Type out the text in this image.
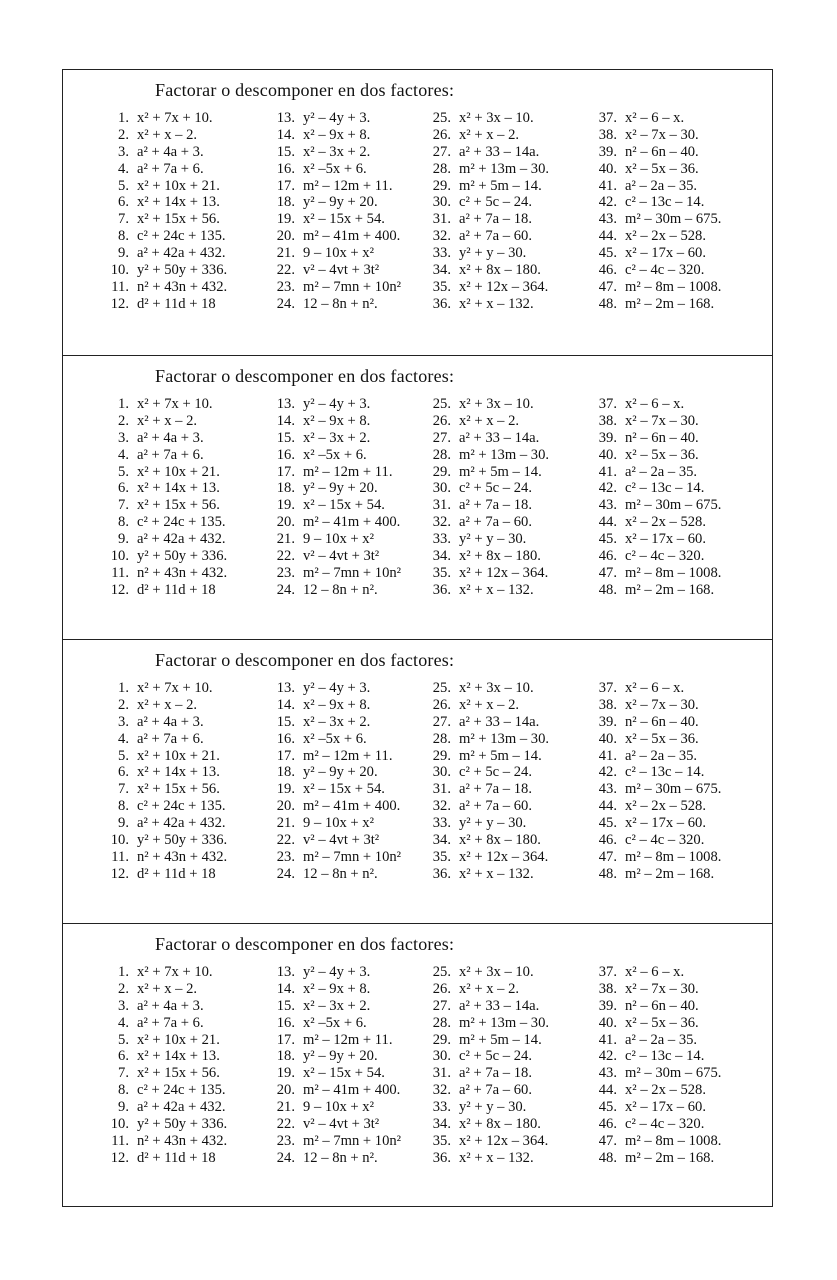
Factorar o descomponer en dos factores:
1. x² + 7x + 10.
2. x² + x – 2.
3. a² + 4a + 3.
4. a² + 7a + 6.
5. x² + 10x + 21.
6. x² + 14x + 13.
7. x² + 15x + 56.
8. c² + 24c + 135.
9. a² + 42a + 432.
10. y² + 50y + 336.
11. n² + 43n + 432.
12. d² + 11d + 18
13. y² – 4y + 3.
14. x² – 9x + 8.
15. x² – 3x + 2.
16. x² –5x + 6.
17. m² – 12m + 11.
18. y² – 9y + 20.
19. x² – 15x + 54.
20. m² – 41m + 400.
21. 9 – 10x + x²
22. v² – 4vt + 3t²
23. m² – 7mn + 10n²
24. 12 – 8n + n².
25. x² + 3x – 10.
26. x² + x – 2.
27. a² + 33 – 14a.
28. m² + 13m – 30.
29. m² + 5m – 14.
30. c² + 5c – 24.
31. a² + 7a – 18.
32. a² + 7a – 60.
33. y² + y – 30.
34. x² + 8x – 180.
35. x² + 12x – 364.
36. x² + x – 132.
37. x² – 6 – x.
38. x² – 7x – 30.
39. n² – 6n – 40.
40. x² – 5x – 36.
41. a² – 2a – 35.
42. c² – 13c – 14.
43. m² – 30m – 675.
44. x² – 2x – 528.
45. x² – 17x – 60.
46. c² – 4c – 320.
47. m² – 8m – 1008.
48. m² – 2m – 168.
Factorar o descomponer en dos factores:
1. x² + 7x + 10.
2. x² + x – 2.
3. a² + 4a + 3.
4. a² + 7a + 6.
5. x² + 10x + 21.
6. x² + 14x + 13.
7. x² + 15x + 56.
8. c² + 24c + 135.
9. a² + 42a + 432.
10. y² + 50y + 336.
11. n² + 43n + 432.
12. d² + 11d + 18
13. y² – 4y + 3.
14. x² – 9x + 8.
15. x² – 3x + 2.
16. x² –5x + 6.
17. m² – 12m + 11.
18. y² – 9y + 20.
19. x² – 15x + 54.
20. m² – 41m + 400.
21. 9 – 10x + x²
22. v² – 4vt + 3t²
23. m² – 7mn + 10n²
24. 12 – 8n + n².
25. x² + 3x – 10.
26. x² + x – 2.
27. a² + 33 – 14a.
28. m² + 13m – 30.
29. m² + 5m – 14.
30. c² + 5c – 24.
31. a² + 7a – 18.
32. a² + 7a – 60.
33. y² + y – 30.
34. x² + 8x – 180.
35. x² + 12x – 364.
36. x² + x – 132.
37. x² – 6 – x.
38. x² – 7x – 30.
39. n² – 6n – 40.
40. x² – 5x – 36.
41. a² – 2a – 35.
42. c² – 13c – 14.
43. m² – 30m – 675.
44. x² – 2x – 528.
45. x² – 17x – 60.
46. c² – 4c – 320.
47. m² – 8m – 1008.
48. m² – 2m – 168.
Factorar o descomponer en dos factores:
1. x² + 7x + 10.
2. x² + x – 2.
3. a² + 4a + 3.
4. a² + 7a + 6.
5. x² + 10x + 21.
6. x² + 14x + 13.
7. x² + 15x + 56.
8. c² + 24c + 135.
9. a² + 42a + 432.
10. y² + 50y + 336.
11. n² + 43n + 432.
12. d² + 11d + 18
13. y² – 4y + 3.
14. x² – 9x + 8.
15. x² – 3x + 2.
16. x² –5x + 6.
17. m² – 12m + 11.
18. y² – 9y + 20.
19. x² – 15x + 54.
20. m² – 41m + 400.
21. 9 – 10x + x²
22. v² – 4vt + 3t²
23. m² – 7mn + 10n²
24. 12 – 8n + n².
25. x² + 3x – 10.
26. x² + x – 2.
27. a² + 33 – 14a.
28. m² + 13m – 30.
29. m² + 5m – 14.
30. c² + 5c – 24.
31. a² + 7a – 18.
32. a² + 7a – 60.
33. y² + y – 30.
34. x² + 8x – 180.
35. x² + 12x – 364.
36. x² + x – 132.
37. x² – 6 – x.
38. x² – 7x – 30.
39. n² – 6n – 40.
40. x² – 5x – 36.
41. a² – 2a – 35.
42. c² – 13c – 14.
43. m² – 30m – 675.
44. x² – 2x – 528.
45. x² – 17x – 60.
46. c² – 4c – 320.
47. m² – 8m – 1008.
48. m² – 2m – 168.
Factorar o descomponer en dos factores:
1. x² + 7x + 10.
2. x² + x – 2.
3. a² + 4a + 3.
4. a² + 7a + 6.
5. x² + 10x + 21.
6. x² + 14x + 13.
7. x² + 15x + 56.
8. c² + 24c + 135.
9. a² + 42a + 432.
10. y² + 50y + 336.
11. n² + 43n + 432.
12. d² + 11d + 18
13. y² – 4y + 3.
14. x² – 9x + 8.
15. x² – 3x + 2.
16. x² –5x + 6.
17. m² – 12m + 11.
18. y² – 9y + 20.
19. x² – 15x + 54.
20. m² – 41m + 400.
21. 9 – 10x + x²
22. v² – 4vt + 3t²
23. m² – 7mn + 10n²
24. 12 – 8n + n².
25. x² + 3x – 10.
26. x² + x – 2.
27. a² + 33 – 14a.
28. m² + 13m – 30.
29. m² + 5m – 14.
30. c² + 5c – 24.
31. a² + 7a – 18.
32. a² + 7a – 60.
33. y² + y – 30.
34. x² + 8x – 180.
35. x² + 12x – 364.
36. x² + x – 132.
37. x² – 6 – x.
38. x² – 7x – 30.
39. n² – 6n – 40.
40. x² – 5x – 36.
41. a² – 2a – 35.
42. c² – 13c – 14.
43. m² – 30m – 675.
44. x² – 2x – 528.
45. x² – 17x – 60.
46. c² – 4c – 320.
47. m² – 8m – 1008.
48. m² – 2m – 168.
